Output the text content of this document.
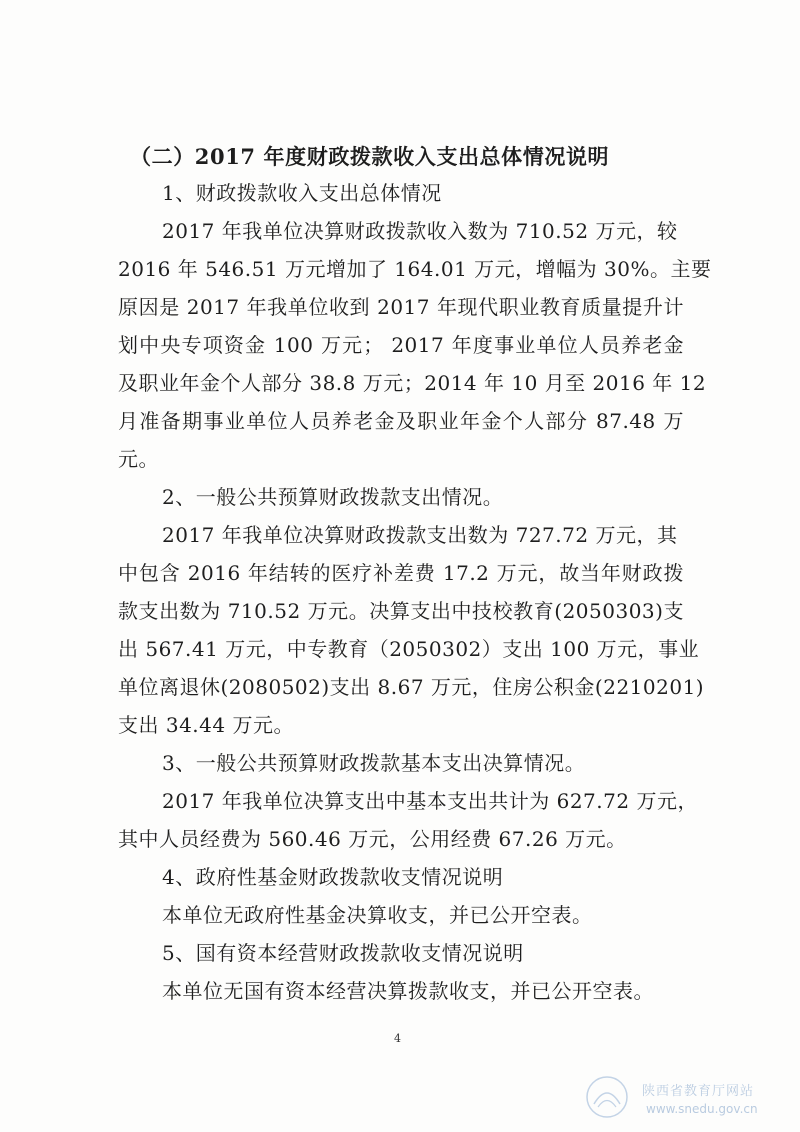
（二）2017 年度财政拨款收入支出总体情况说明
1、财政拨款收入支出总体情况
2017 年我单位决算财政拨款收入数为 710.52 万元，较
2016 年 546.51 万元增加了 164.01 万元，增幅为 30%。主要
原因是 2017 年我单位收到 2017 年现代职业教育质量提升计
划中央专项资金 100 万元； 2017 年度事业单位人员养老金
及职业年金个人部分 38.8 万元；2014 年 10 月至 2016 年 12
月准备期事业单位人员养老金及职业年金个人部分 87.48 万
元。
2、一般公共预算财政拨款支出情况。
2017 年我单位决算财政拨款支出数为 727.72 万元，其
中包含 2016 年结转的医疗补差费 17.2 万元，故当年财政拨
款支出数为 710.52 万元。决算支出中技校教育(2050303)支
出 567.41 万元，中专教育（2050302）支出 100 万元，事业
单位离退休(2080502)支出 8.67 万元，住房公积金(2210201)
支出 34.44 万元。
3、一般公共预算财政拨款基本支出决算情况。
2017 年我单位决算支出中基本支出共计为 627.72 万元，
其中人员经费为 560.46 万元，公用经费 67.26 万元。
4、政府性基金财政拨款收支情况说明
本单位无政府性基金决算收支，并已公开空表。
5、国有资本经营财政拨款收支情况说明
本单位无国有资本经营决算拨款收支，并已公开空表。
4
陕西省教育厅网站
www.snedu.gov.cn
